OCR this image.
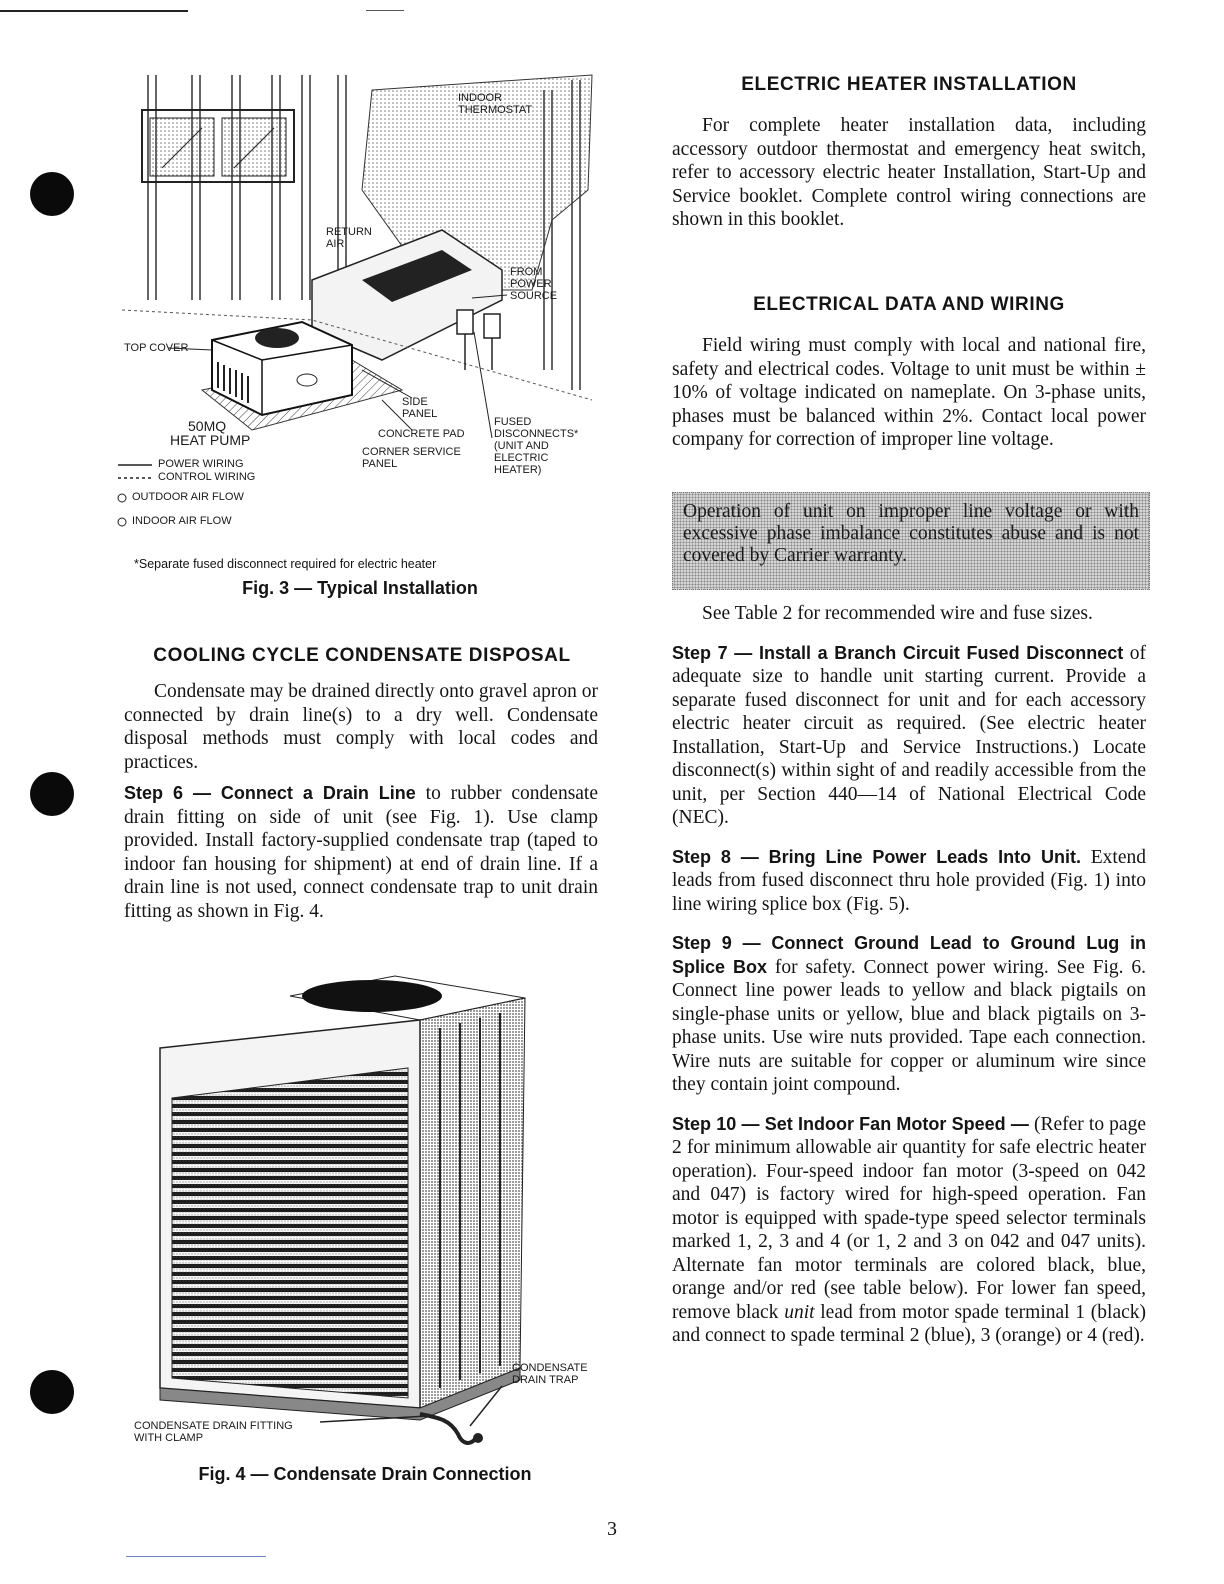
INDOOR THERMOSTAT
RETURN AIR
FROM POWER SOURCE
TOP COVER
SIDE PANEL
CONCRETE PAD
CORNER SERVICE PANEL
FUSED DISCONNECTS* (UNIT AND ELECTRIC HEATER)
50MQ
HEAT PUMP
POWER WIRING
CONTROL WIRING
OUTDOOR AIR FLOW
INDOOR AIR FLOW
*Separate fused disconnect required for electric heater
Fig. 3 — Typical Installation
COOLING CYCLE CONDENSATE DISPOSAL

Condensate may be drained directly onto gravel apron or connected by drain line(s) to a dry well. Condensate disposal methods must comply with local codes and practices.

Step 6 — Connect a Drain Line to rubber condensate drain fitting on side of unit (see Fig. 1). Use clamp provided. Install factory-supplied condensate trap (taped to indoor fan housing for shipment) at end of drain line. If a drain line is not used, connect condensate trap to unit drain fitting as shown in Fig. 4.

CONDENSATE DRAIN TRAP
CONDENSATE DRAIN FITTING WITH CLAMP
Fig. 4 — Condensate Drain Connection
ELECTRIC HEATER INSTALLATION

For complete heater installation data, including accessory outdoor thermostat and emergency heat switch, refer to accessory electric heater Installation, Start-Up and Service booklet. Complete control wiring connections are shown in this booklet.

ELECTRICAL DATA AND WIRING

Field wiring must comply with local and national fire, safety and electrical codes. Voltage to unit must be within ± 10% of voltage indicated on nameplate. On 3-phase units, phases must be balanced within 2%. Contact local power company for correction of improper line voltage.

Operation of unit on improper line voltage or with excessive phase imbalance constitutes abuse and is not covered by Carrier warranty.

See Table 2 for recommended wire and fuse sizes.

Step 7 — Install a Branch Circuit Fused Disconnect of adequate size to handle unit starting current. Provide a separate fused disconnect for unit and for each accessory electric heater circuit as required. (See electric heater Installation, Start-Up and Service Instructions.) Locate disconnect(s) within sight of and readily accessible from the unit, per Section 440—14 of National Electrical Code (NEC).

Step 8 — Bring Line Power Leads Into Unit. Extend leads from fused disconnect thru hole provided (Fig. 1) into line wiring splice box (Fig. 5).

Step 9 — Connect Ground Lead to Ground Lug in Splice Box for safety. Connect power wiring. See Fig. 6. Connect line power leads to yellow and black pigtails on single-phase units or yellow, blue and black pigtails on 3-phase units. Use wire nuts provided. Tape each connection. Wire nuts are suitable for copper or aluminum wire since they contain joint compound.

Step 10 — Set Indoor Fan Motor Speed — (Refer to page 2 for minimum allowable air quantity for safe electric heater operation). Four-speed indoor fan motor (3-speed on 042 and 047) is factory wired for high-speed operation. Fan motor is equipped with spade-type speed selector terminals marked 1, 2, 3 and 4 (or 1, 2 and 3 on 042 and 047 units). Alternate fan motor terminals are colored black, blue, orange and/or red (see table below). For lower fan speed, remove black unit lead from motor spade terminal 1 (black) and connect to spade terminal 2 (blue), 3 (orange) or 4 (red).

3
